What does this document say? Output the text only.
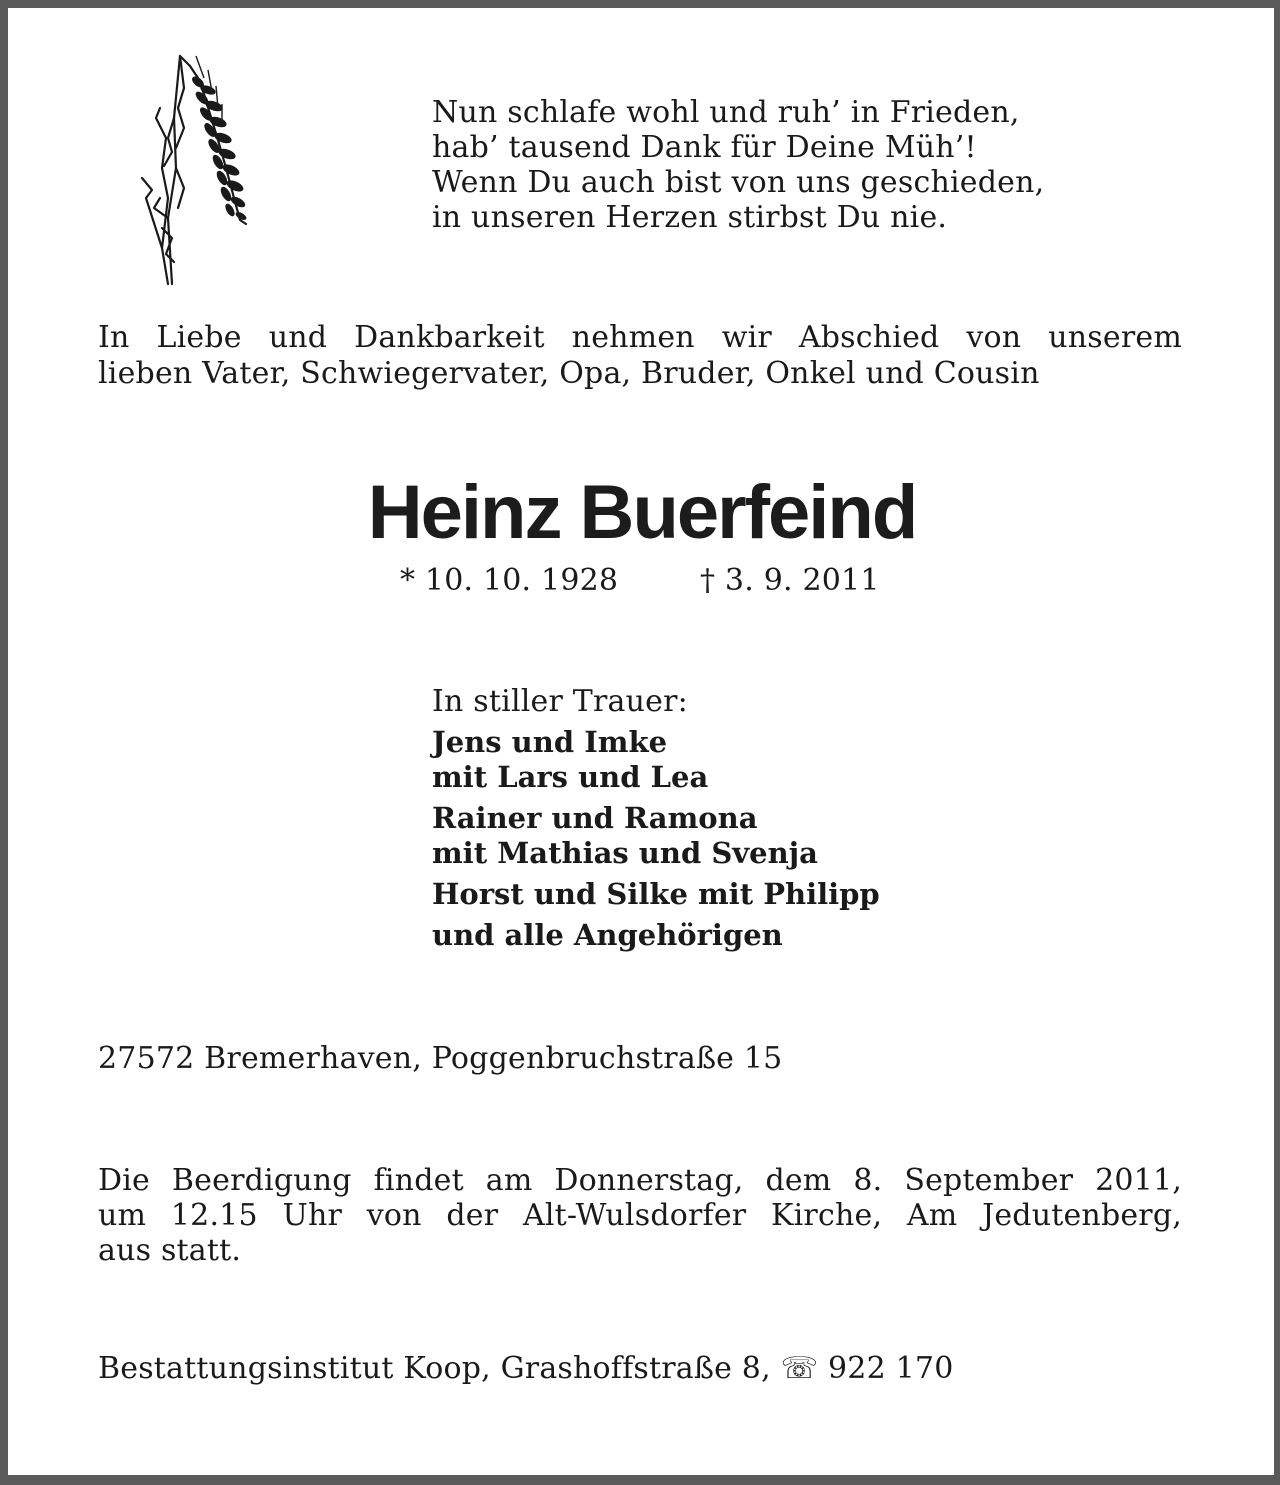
Nun schlafe wohl und ruh’ in Frieden,
hab’ tausend Dank für Deine Müh’!
Wenn Du auch bist von uns geschieden,
in unseren Herzen stirbst Du nie.
In Liebe und Dankbarkeit nehmen wir Abschied von unserem
lieben Vater, Schwiegervater, Opa, Bruder, Onkel und Cousin
Heinz Buerfeind
* 10. 10. 1928	† 3. 9. 2011
In stiller Trauer:
Jens und Imke
mit Lars und Lea
Rainer und Ramona
mit Mathias und Svenja
Horst und Silke mit Philipp
und alle Angehörigen
27572 Bremerhaven, Poggenbruchstraße 15
Die Beerdigung findet am Donnerstag, dem 8. September 2011,
um 12.15 Uhr von der Alt-Wulsdorfer Kirche, Am Jedutenberg,
aus statt.
Bestattungsinstitut Koop, Grashoffstraße 8, ☏ 922 170
